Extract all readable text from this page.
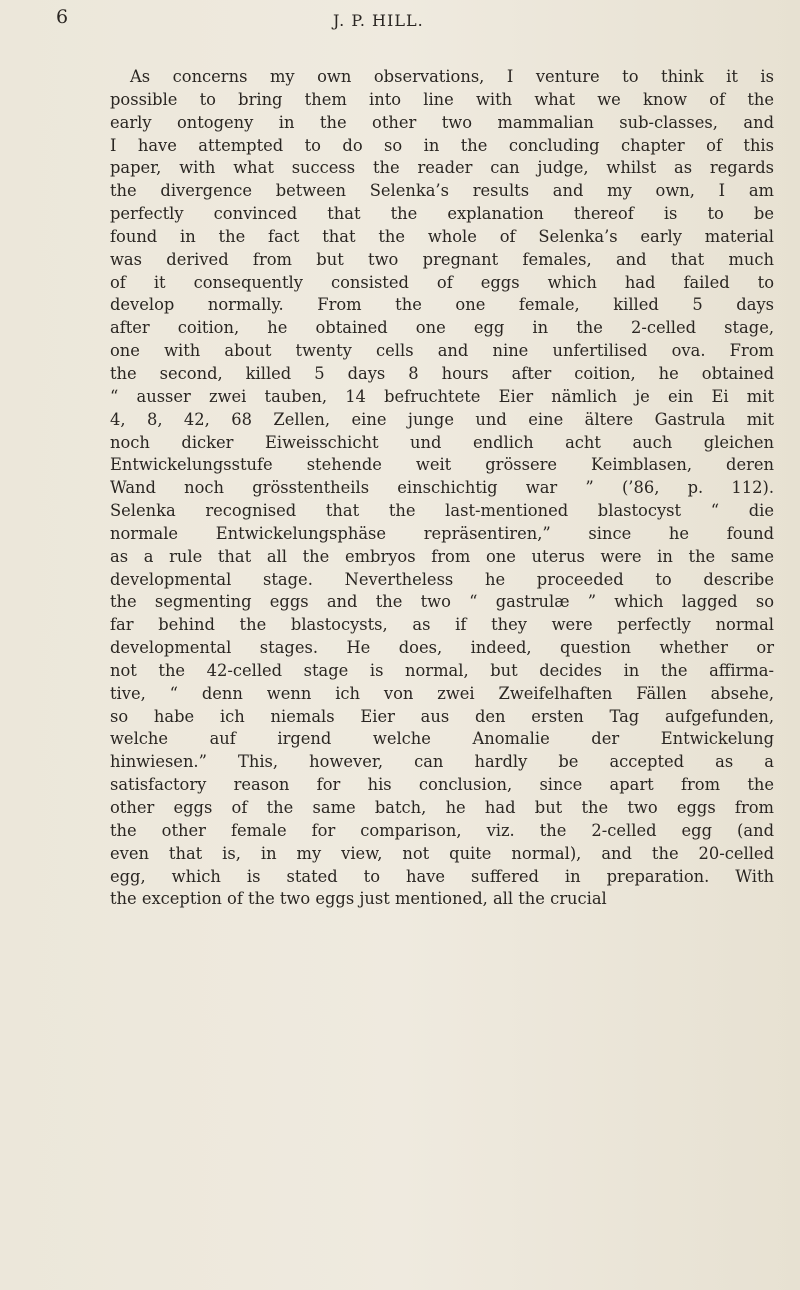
6	J. P. HILL.
As concerns my own observations, I venture to think it is
possible to bring them into line with what we know of the
early ontogeny in the other two mammalian sub-classes, and
I have attempted to do so in the concluding chapter of this
paper, with what success the reader can judge, whilst as regards
the divergence between Selenka’s results and my own, I am
perfectly convinced that the explanation thereof is to be
found in the fact that the whole of Selenka’s early material
was derived from but two pregnant females, and that much
of it consequently consisted of eggs which had failed to
develop normally. From the one female, killed 5 days
after coition, he obtained one egg in the 2-celled stage,
one with about twenty cells and nine unfertilised ova. From
the second, killed 5 days 8 hours after coition, he obtained
“ ausser zwei tauben, 14 befruchtete Eier nämlich je ein Ei mit
4, 8, 42, 68 Zellen, eine junge und eine ältere Gastrula mit
noch dicker Eiweisschicht und endlich acht auch gleichen
Entwickelungsstufe stehende weit grössere Keimblasen, deren
Wand noch grösstentheils einschichtig war ” (’86, p. 112).
Selenka recognised that the last-mentioned blastocyst “ die
normale Entwickelungsphäse repräsentiren,” since he found
as a rule that all the embryos from one uterus were in the same
developmental stage. Nevertheless he proceeded to describe
the segmenting eggs and the two “ gastrulæ ” which lagged so
far behind the blastocysts, as if they were perfectly normal
developmental stages. He does, indeed, question whether or
not the 42-celled stage is normal, but decides in the affirma-
tive, “ denn wenn ich von zwei Zweifelhaften Fällen absehe,
so habe ich niemals Eier aus den ersten Tag aufgefunden,
welche auf irgend welche Anomalie der Entwickelung
hinwiesen.” This, however, can hardly be accepted as a
satisfactory reason for his conclusion, since apart from the
other eggs of the same batch, he had but the two eggs from
the other female for comparison, viz. the 2-celled egg (and
even that is, in my view, not quite normal), and the 20-celled
egg, which is stated to have suffered in preparation. With
the exception of the two eggs just mentioned, all the crucial
